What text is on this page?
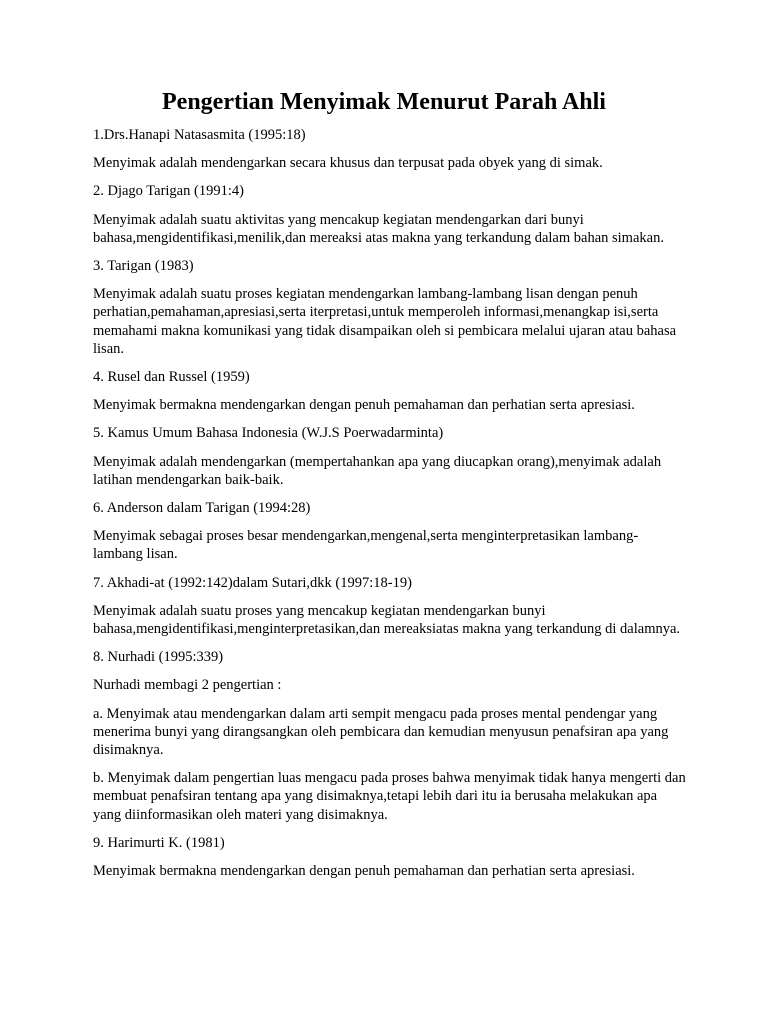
Pengertian Menyimak Menurut Parah Ahli

1.Drs.Hanapi Natasasmita (1995:18)

Menyimak adalah mendengarkan secara khusus dan terpusat pada obyek yang di simak.

2. Djago Tarigan (1991:4)

Menyimak adalah suatu aktivitas yang mencakup kegiatan mendengarkan dari bunyi bahasa,mengidentifikasi,menilik,dan mereaksi atas makna yang terkandung dalam bahan simakan.

3. Tarigan (1983)

Menyimak adalah suatu proses kegiatan mendengarkan lambang-lambang lisan dengan penuh perhatian,pemahaman,apresiasi,serta iterpretasi,untuk memperoleh informasi,menangkap isi,serta memahami makna komunikasi yang tidak disampaikan oleh si pembicara melalui ujaran atau bahasa lisan.

4. Rusel dan Russel (1959)

Menyimak bermakna mendengarkan dengan penuh pemahaman dan perhatian serta apresiasi.

5. Kamus Umum Bahasa Indonesia (W.J.S Poerwadarminta)

Menyimak adalah mendengarkan (mempertahankan apa yang diucapkan orang),menyimak adalah latihan mendengarkan baik-baik.

6. Anderson dalam Tarigan (1994:28)

Menyimak sebagai proses besar mendengarkan,mengenal,serta menginterpretasikan lambang-lambang lisan.

7. Akhadi-at (1992:142)dalam Sutari,dkk (1997:18-19)

Menyimak adalah suatu proses yang mencakup kegiatan mendengarkan bunyi bahasa,mengidentifikasi,menginterpretasikan,dan mereaksiatas makna yang terkandung di dalamnya.

8. Nurhadi (1995:339)

Nurhadi membagi 2 pengertian :

a. Menyimak atau mendengarkan dalam arti sempit mengacu pada proses mental pendengar yang menerima bunyi yang dirangsangkan oleh pembicara dan kemudian menyusun penafsiran apa yang disimaknya.

b. Menyimak dalam pengertian luas mengacu pada proses bahwa menyimak tidak hanya mengerti dan membuat penafsiran tentang apa yang disimaknya,tetapi lebih dari itu ia berusaha melakukan apa yang diinformasikan oleh materi yang disimaknya.

9. Harimurti K. (1981)

Menyimak bermakna mendengarkan dengan penuh pemahaman dan perhatian serta apresiasi.
